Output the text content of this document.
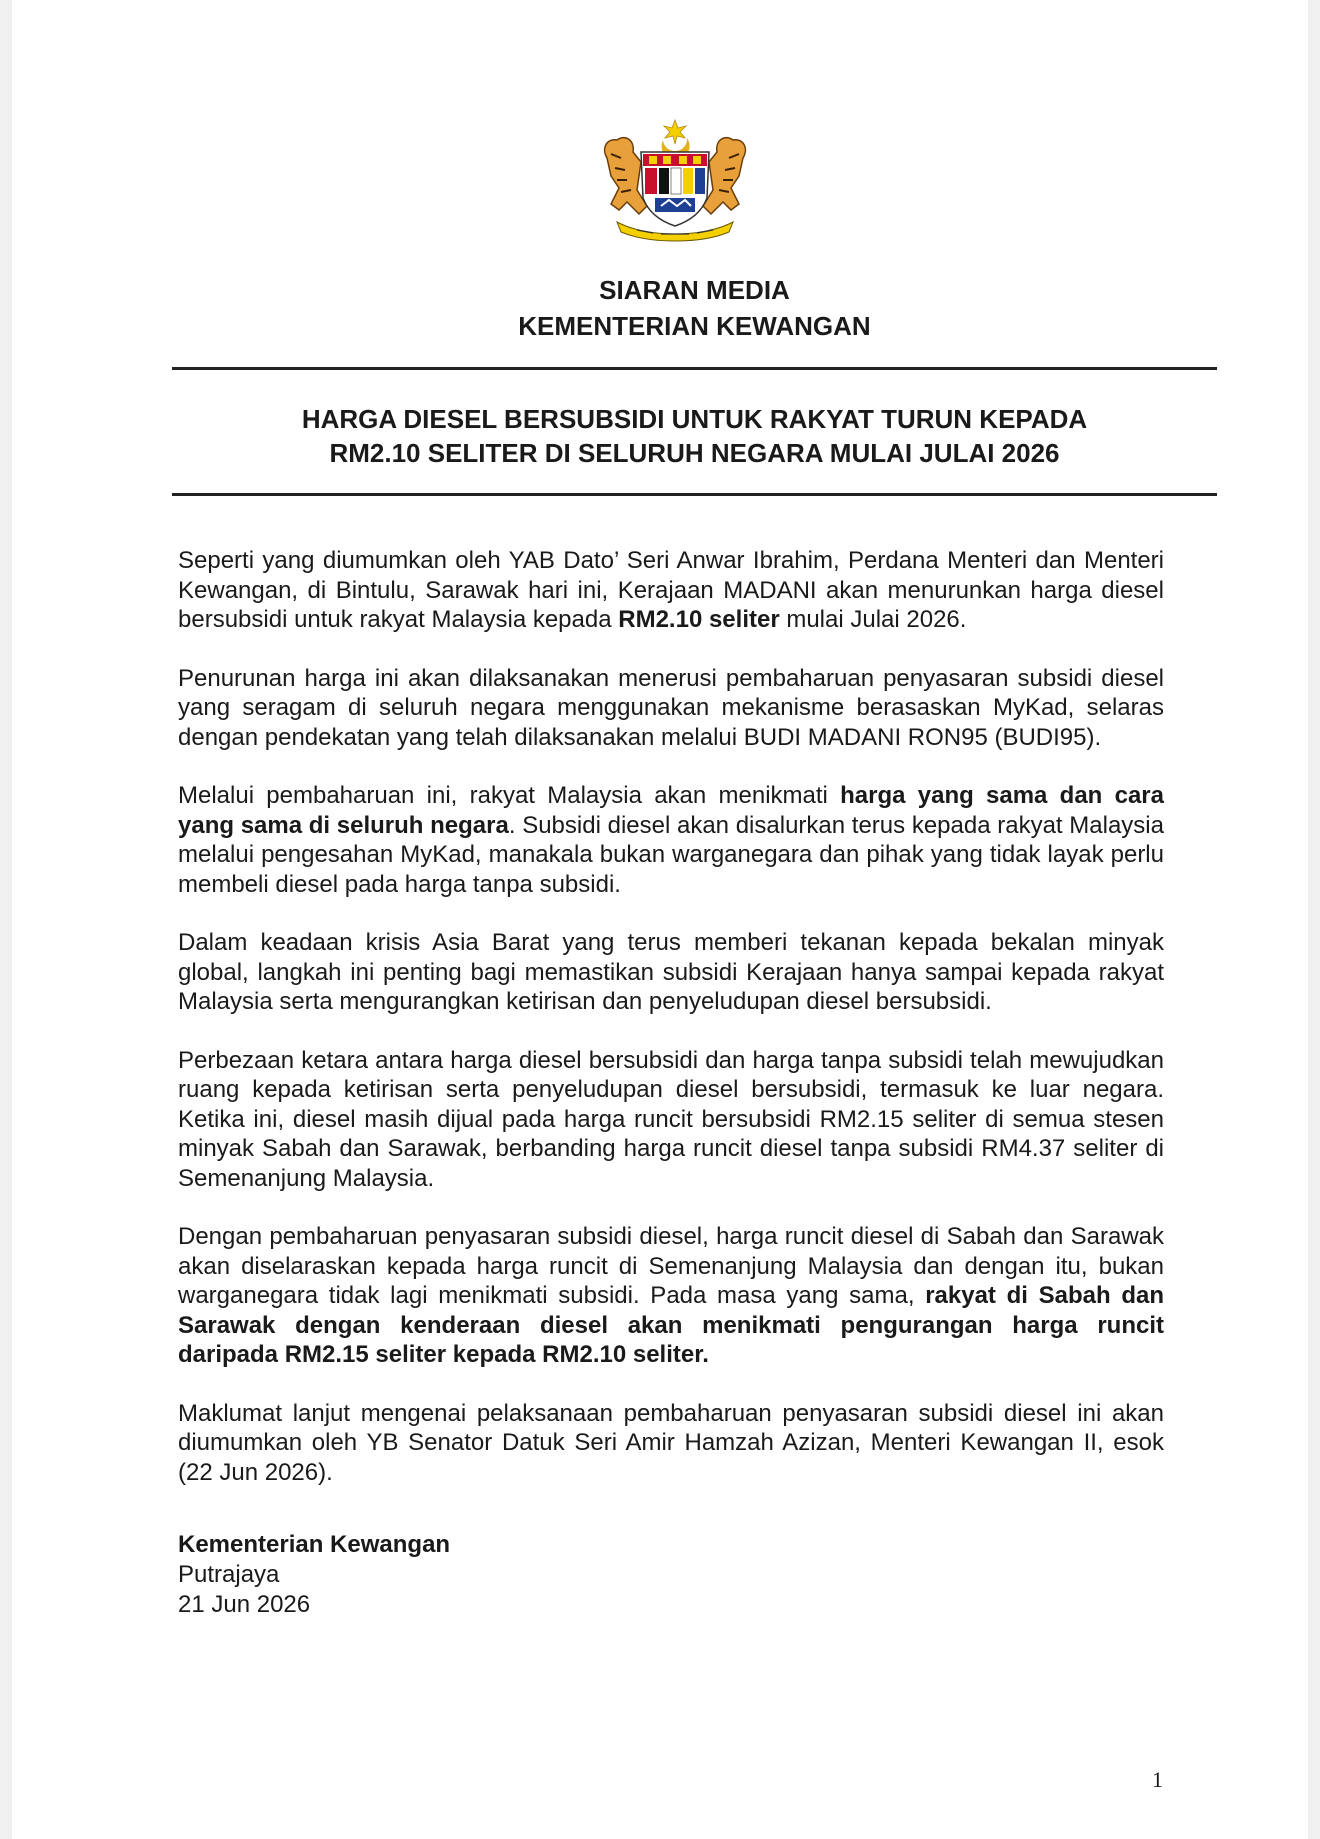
SIARAN MEDIA
KEMENTERIAN KEWANGAN
HARGA DIESEL BERSUBSIDI UNTUK RAKYAT TURUN KEPADA
RM2.10 SELITER DI SELURUH NEGARA MULAI JULAI 2026

Seperti yang diumumkan oleh YAB Dato’ Seri Anwar Ibrahim, Perdana Menteri dan Menteri Kewangan, di Bintulu, Sarawak hari ini, Kerajaan MADANI akan menurunkan harga diesel bersubsidi untuk rakyat Malaysia kepada RM2.10 seliter mulai Julai 2026.

Penurunan harga ini akan dilaksanakan menerusi pembaharuan penyasaran subsidi diesel yang seragam di seluruh negara menggunakan mekanisme berasaskan MyKad, selaras dengan pendekatan yang telah dilaksanakan melalui BUDI MADANI RON95 (BUDI95).

Melalui pembaharuan ini, rakyat Malaysia akan menikmati harga yang sama dan cara yang sama di seluruh negara. Subsidi diesel akan disalurkan terus kepada rakyat Malaysia melalui pengesahan MyKad, manakala bukan warganegara dan pihak yang tidak layak perlu membeli diesel pada harga tanpa subsidi.

Dalam keadaan krisis Asia Barat yang terus memberi tekanan kepada bekalan minyak global, langkah ini penting bagi memastikan subsidi Kerajaan hanya sampai kepada rakyat Malaysia serta mengurangkan ketirisan dan penyeludupan diesel bersubsidi.

Perbezaan ketara antara harga diesel bersubsidi dan harga tanpa subsidi telah mewujudkan ruang kepada ketirisan serta penyeludupan diesel bersubsidi, termasuk ke luar negara. Ketika ini, diesel masih dijual pada harga runcit bersubsidi RM2.15 seliter di semua stesen minyak Sabah dan Sarawak, berbanding harga runcit diesel tanpa subsidi RM4.37 seliter di Semenanjung Malaysia.

Dengan pembaharuan penyasaran subsidi diesel, harga runcit diesel di Sabah dan Sarawak akan diselaraskan kepada harga runcit di Semenanjung Malaysia dan dengan itu, bukan warganegara tidak lagi menikmati subsidi. Pada masa yang sama, rakyat di Sabah dan Sarawak dengan kenderaan diesel akan menikmati pengurangan harga runcit daripada RM2.15 seliter kepada RM2.10 seliter.

Maklumat lanjut mengenai pelaksanaan pembaharuan penyasaran subsidi diesel ini akan diumumkan oleh YB Senator Datuk Seri Amir Hamzah Azizan, Menteri Kewangan II, esok (22 Jun 2026).

Kementerian Kewangan
Putrajaya
21 Jun 2026
1
